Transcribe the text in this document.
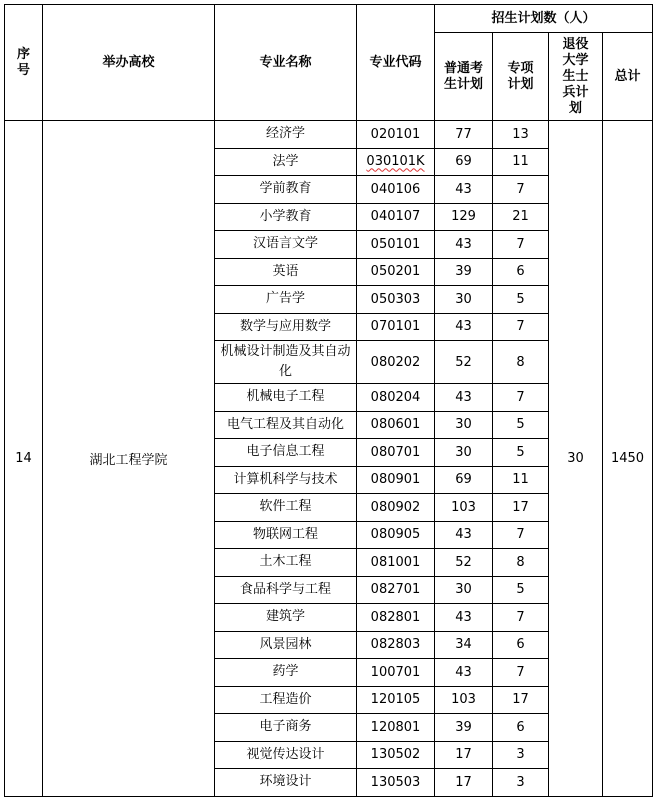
序号	举办高校	专业名称	专业代码	招生计划数（人）			
				普通考生计划	专项计划	退役大学生士兵计划	总计
14	湖北工程学院	经济学	020101	77	13	30	1450
		法学	030101K	69	11		
		学前教育	040106	43	7		
		小学教育	040107	129	21		
		汉语言文学	050101	43	7		
		英语	050201	39	6		
		广告学	050303	30	5		
		数学与应用数学	070101	43	7		
		机械设计制造及其自动化	080202	52	8		
		机械电子工程	080204	43	7		
		电气工程及其自动化	080601	30	5		
		电子信息工程	080701	30	5		
		计算机科学与技术	080901	69	11		
		软件工程	080902	103	17		
		物联网工程	080905	43	7		
		土木工程	081001	52	8		
		食品科学与工程	082701	30	5		
		建筑学	082801	43	7		
		风景园林	082803	34	6		
		药学	100701	43	7		
		工程造价	120105	103	17		
		电子商务	120801	39	6		
		视觉传达设计	130502	17	3		
		环境设计	130503	17	3		
